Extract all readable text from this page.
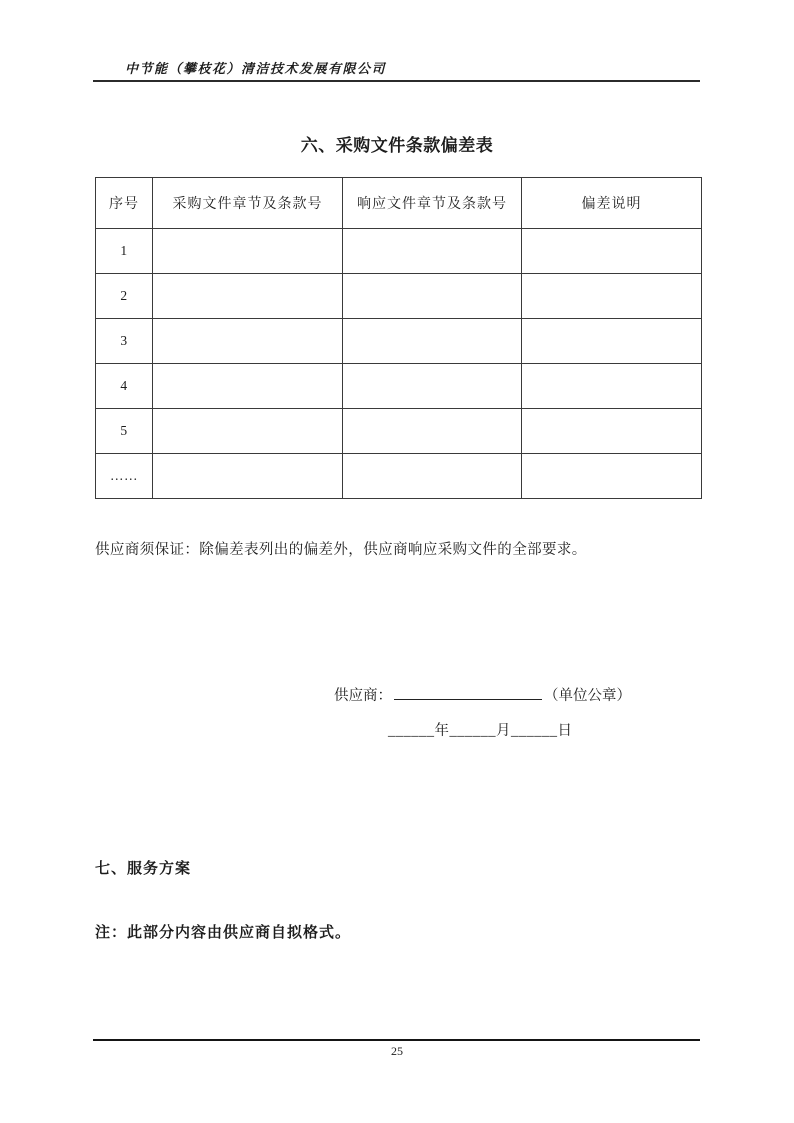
中节能（攀枝花）清洁技术发展有限公司
六、采购文件条款偏差表
序号	采购文件章节及条款号	响应文件章节及条款号	偏差说明
1			
2			
3			
4			
5			
……			
供应商须保证：除偏差表列出的偏差外，供应商响应采购文件的全部要求。
供应商：	（单位公章）
______年______月______日
七、服务方案
注：此部分内容由供应商自拟格式。
25
